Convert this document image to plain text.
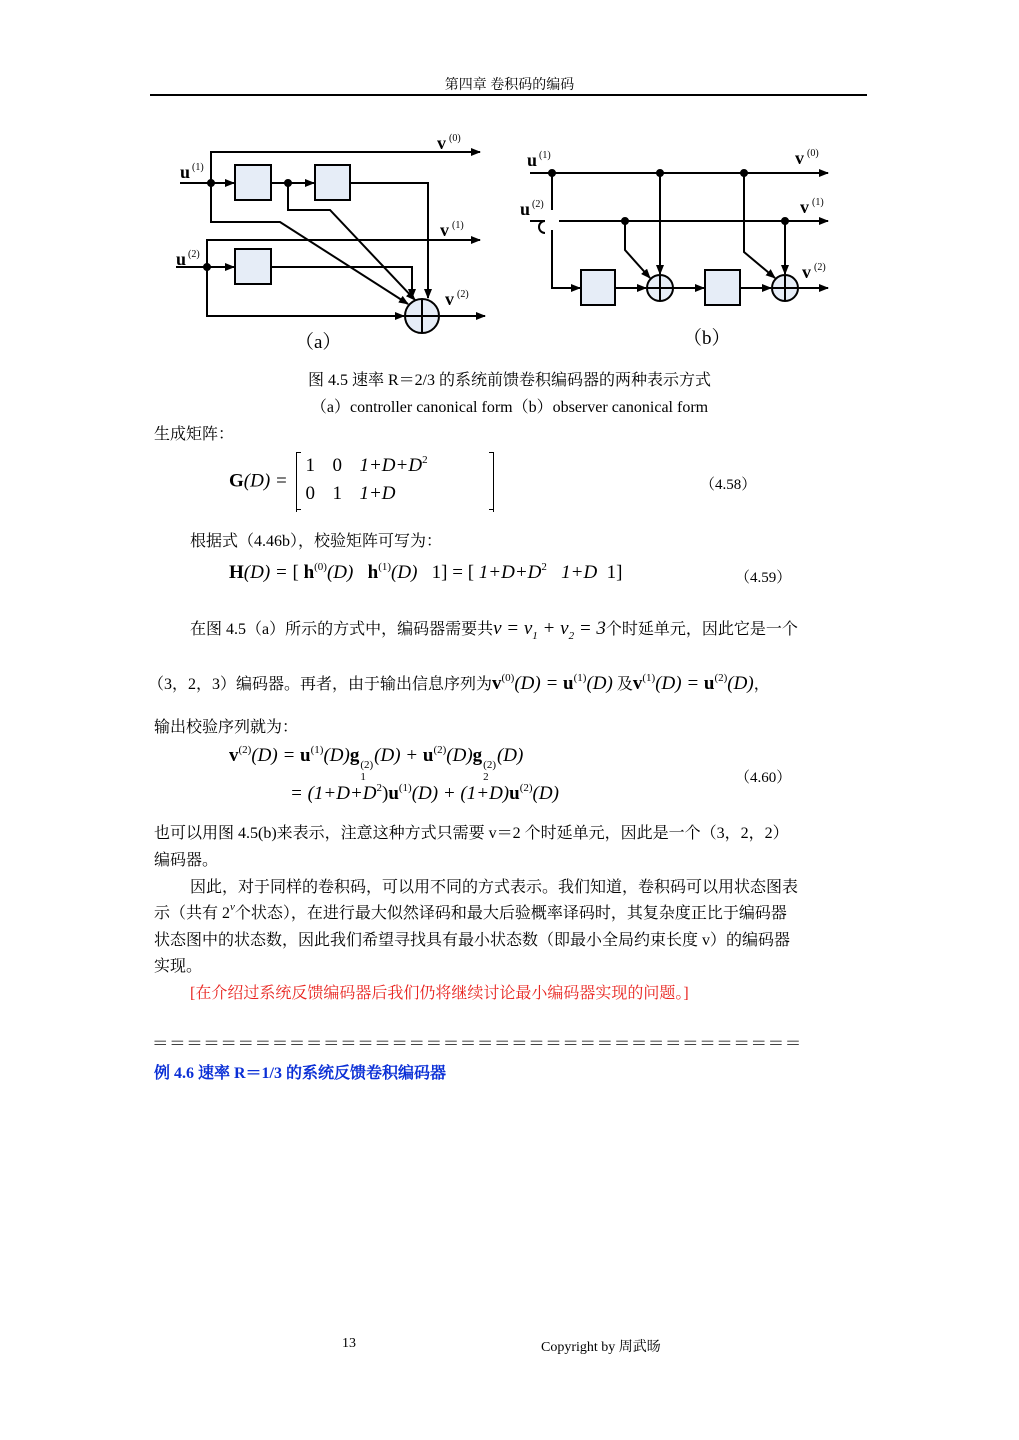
第四章 卷积码的编码
v (0)
u (1)
v (1)
u (2)
v (2)
u (1)	v (0)
u (2)	v (1)
v (2)
（a）	（b）
图 4.5 速率 R＝2/3 的系统前馈卷积编码器的两种表示方式
（a）controller canonical form（b）observer canonical form
生成矩阵：
G(D) =
1 0 $1+D+D^2$
0 1 1+D	（4.58）
根据式（4.46b），校验矩阵可写为：
H(D) = [ $h^{(0)}(D)$ $h^{(1)}(D) 1$] = [ $1+D+D^2$ 1+D 1]	（4.59）
在图 4.5（a）所示的方式中，编码器需要共$v = v_1 + v_2 = 3$个时延单元，因此它是一个
（3，2，3）编码器。再者，由于输出信息序列为$v^{(0)}(D) = u^{(1)}(D)$ 及$v^{(1)}(D) = u^{(2)}(D)$，
输出校验序列就为：
$v^{(2)}(D) = u^{(1)}(D)g$ (2)
1
$(D) + u^{(2)}(D)g$ (2)
2
(D)
= $(1+D+D^2)u^{(1)}(D) + (1+D)u^{(2)}(D)$
（4.60）
也可以用图 4.5(b)来表示，注意这种方式只需要 v＝2 个时延单元，因此是一个（3，2，2）
编码器。
因此，对于同样的卷积码，可以用不同的方式表示。我们知道，卷积码可以用状态图表
示（共有 2$^v$个状态），在进行最大似然译码和最大后验概率译码时，其复杂度正比于编码器
状态图中的状态数，因此我们希望寻找具有最小状态数（即最小全局约束长度 v）的编码器
实现。
[在介绍过系统反馈编码器后我们仍将继续讨论最小编码器实现的问题。]
＝＝＝＝＝＝＝＝＝＝＝＝＝＝＝＝＝＝＝＝＝＝＝＝＝＝＝＝＝＝＝＝＝＝＝＝＝＝
例 4.6 速率 R＝1/3 的系统反馈卷积编码器
13	Copyright by 周武旸
